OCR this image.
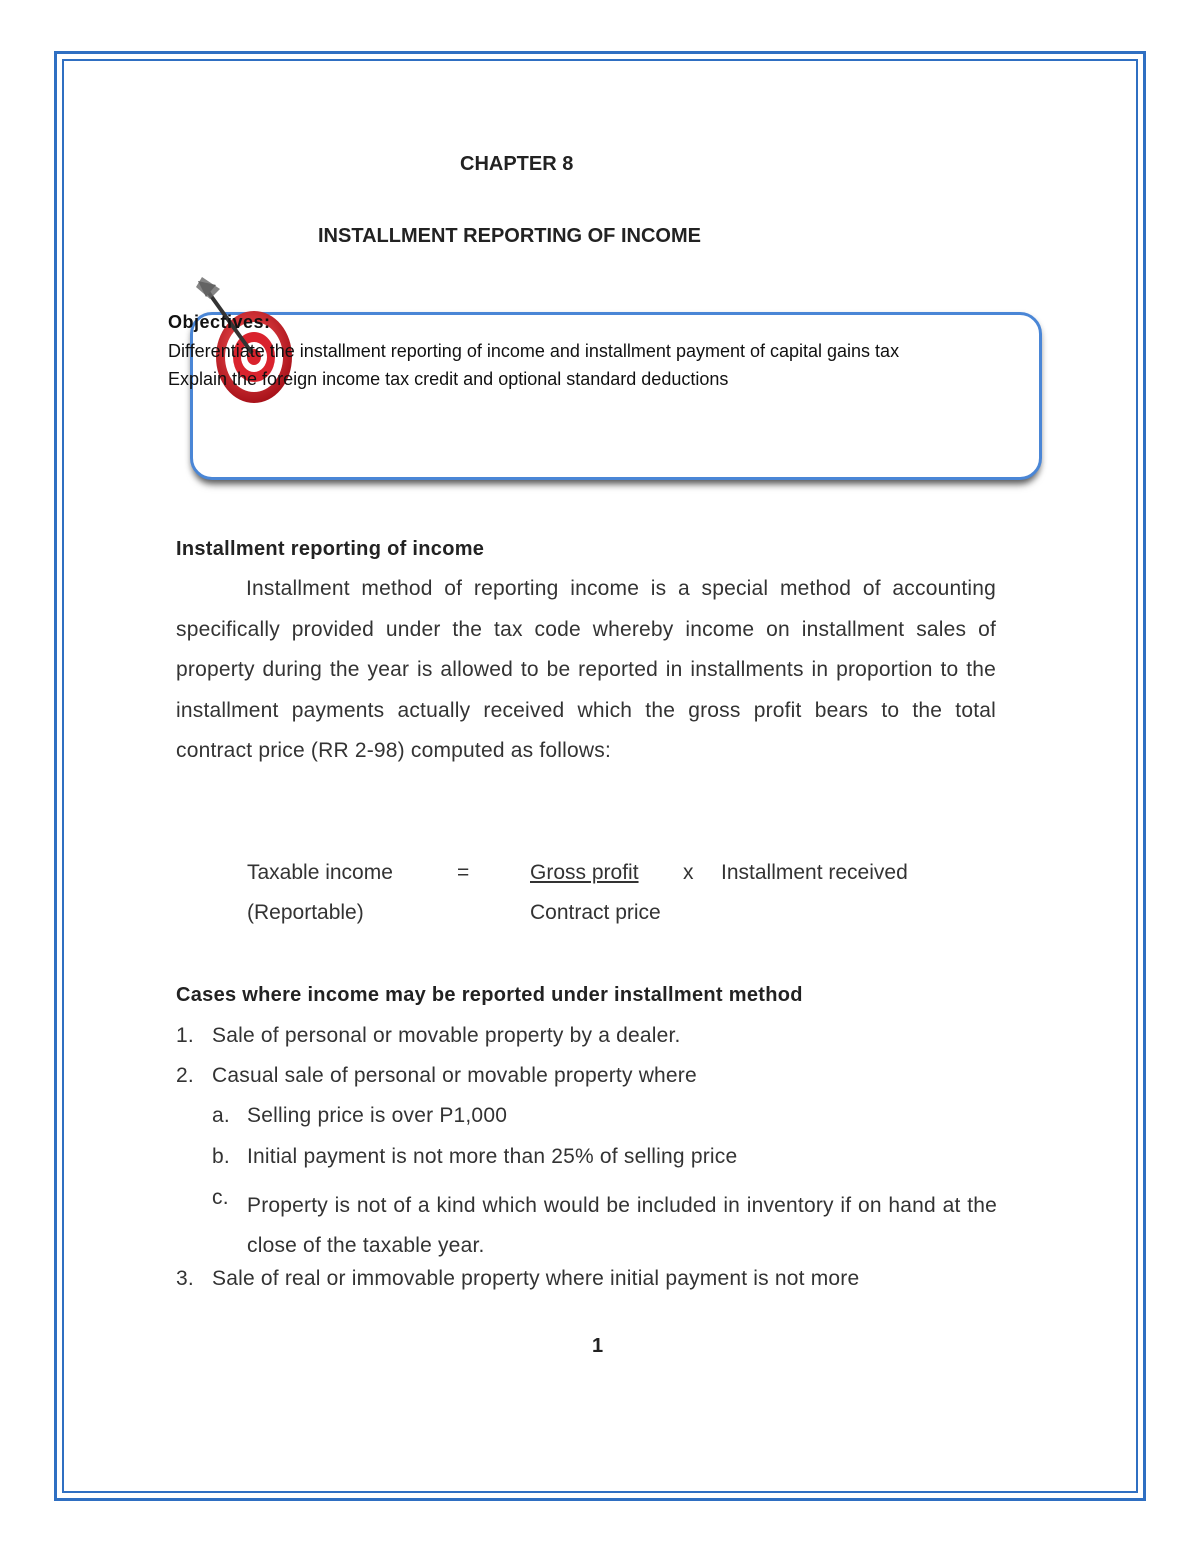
CHAPTER 8
INSTALLMENT REPORTING OF INCOME
Objectives:
Differentiate the installment reporting of income and installment payment of capital gains tax
Explain the foreign income tax credit and optional standard deductions
Installment reporting of income
Installment method of reporting income is a special method of accounting specifically provided under the tax code whereby income on installment sales of property during the year is allowed to be reported in installments in proportion to the installment payments actually received which the gross profit bears to the total contract price (RR 2-98) computed as follows:
Taxable income	=	Gross profit x Installment received
(Reportable)	Contract price
Cases where income may be reported under installment method
1. Sale of personal or movable property by a dealer.
2. Casual sale of personal or movable property where
a. Selling price is over P1,000
b. Initial payment is not more than 25% of selling price
c. Property is not of a kind which would be included in inventory if on hand at the close of the taxable year.
3. Sale of real or immovable property where initial payment is not more
1
